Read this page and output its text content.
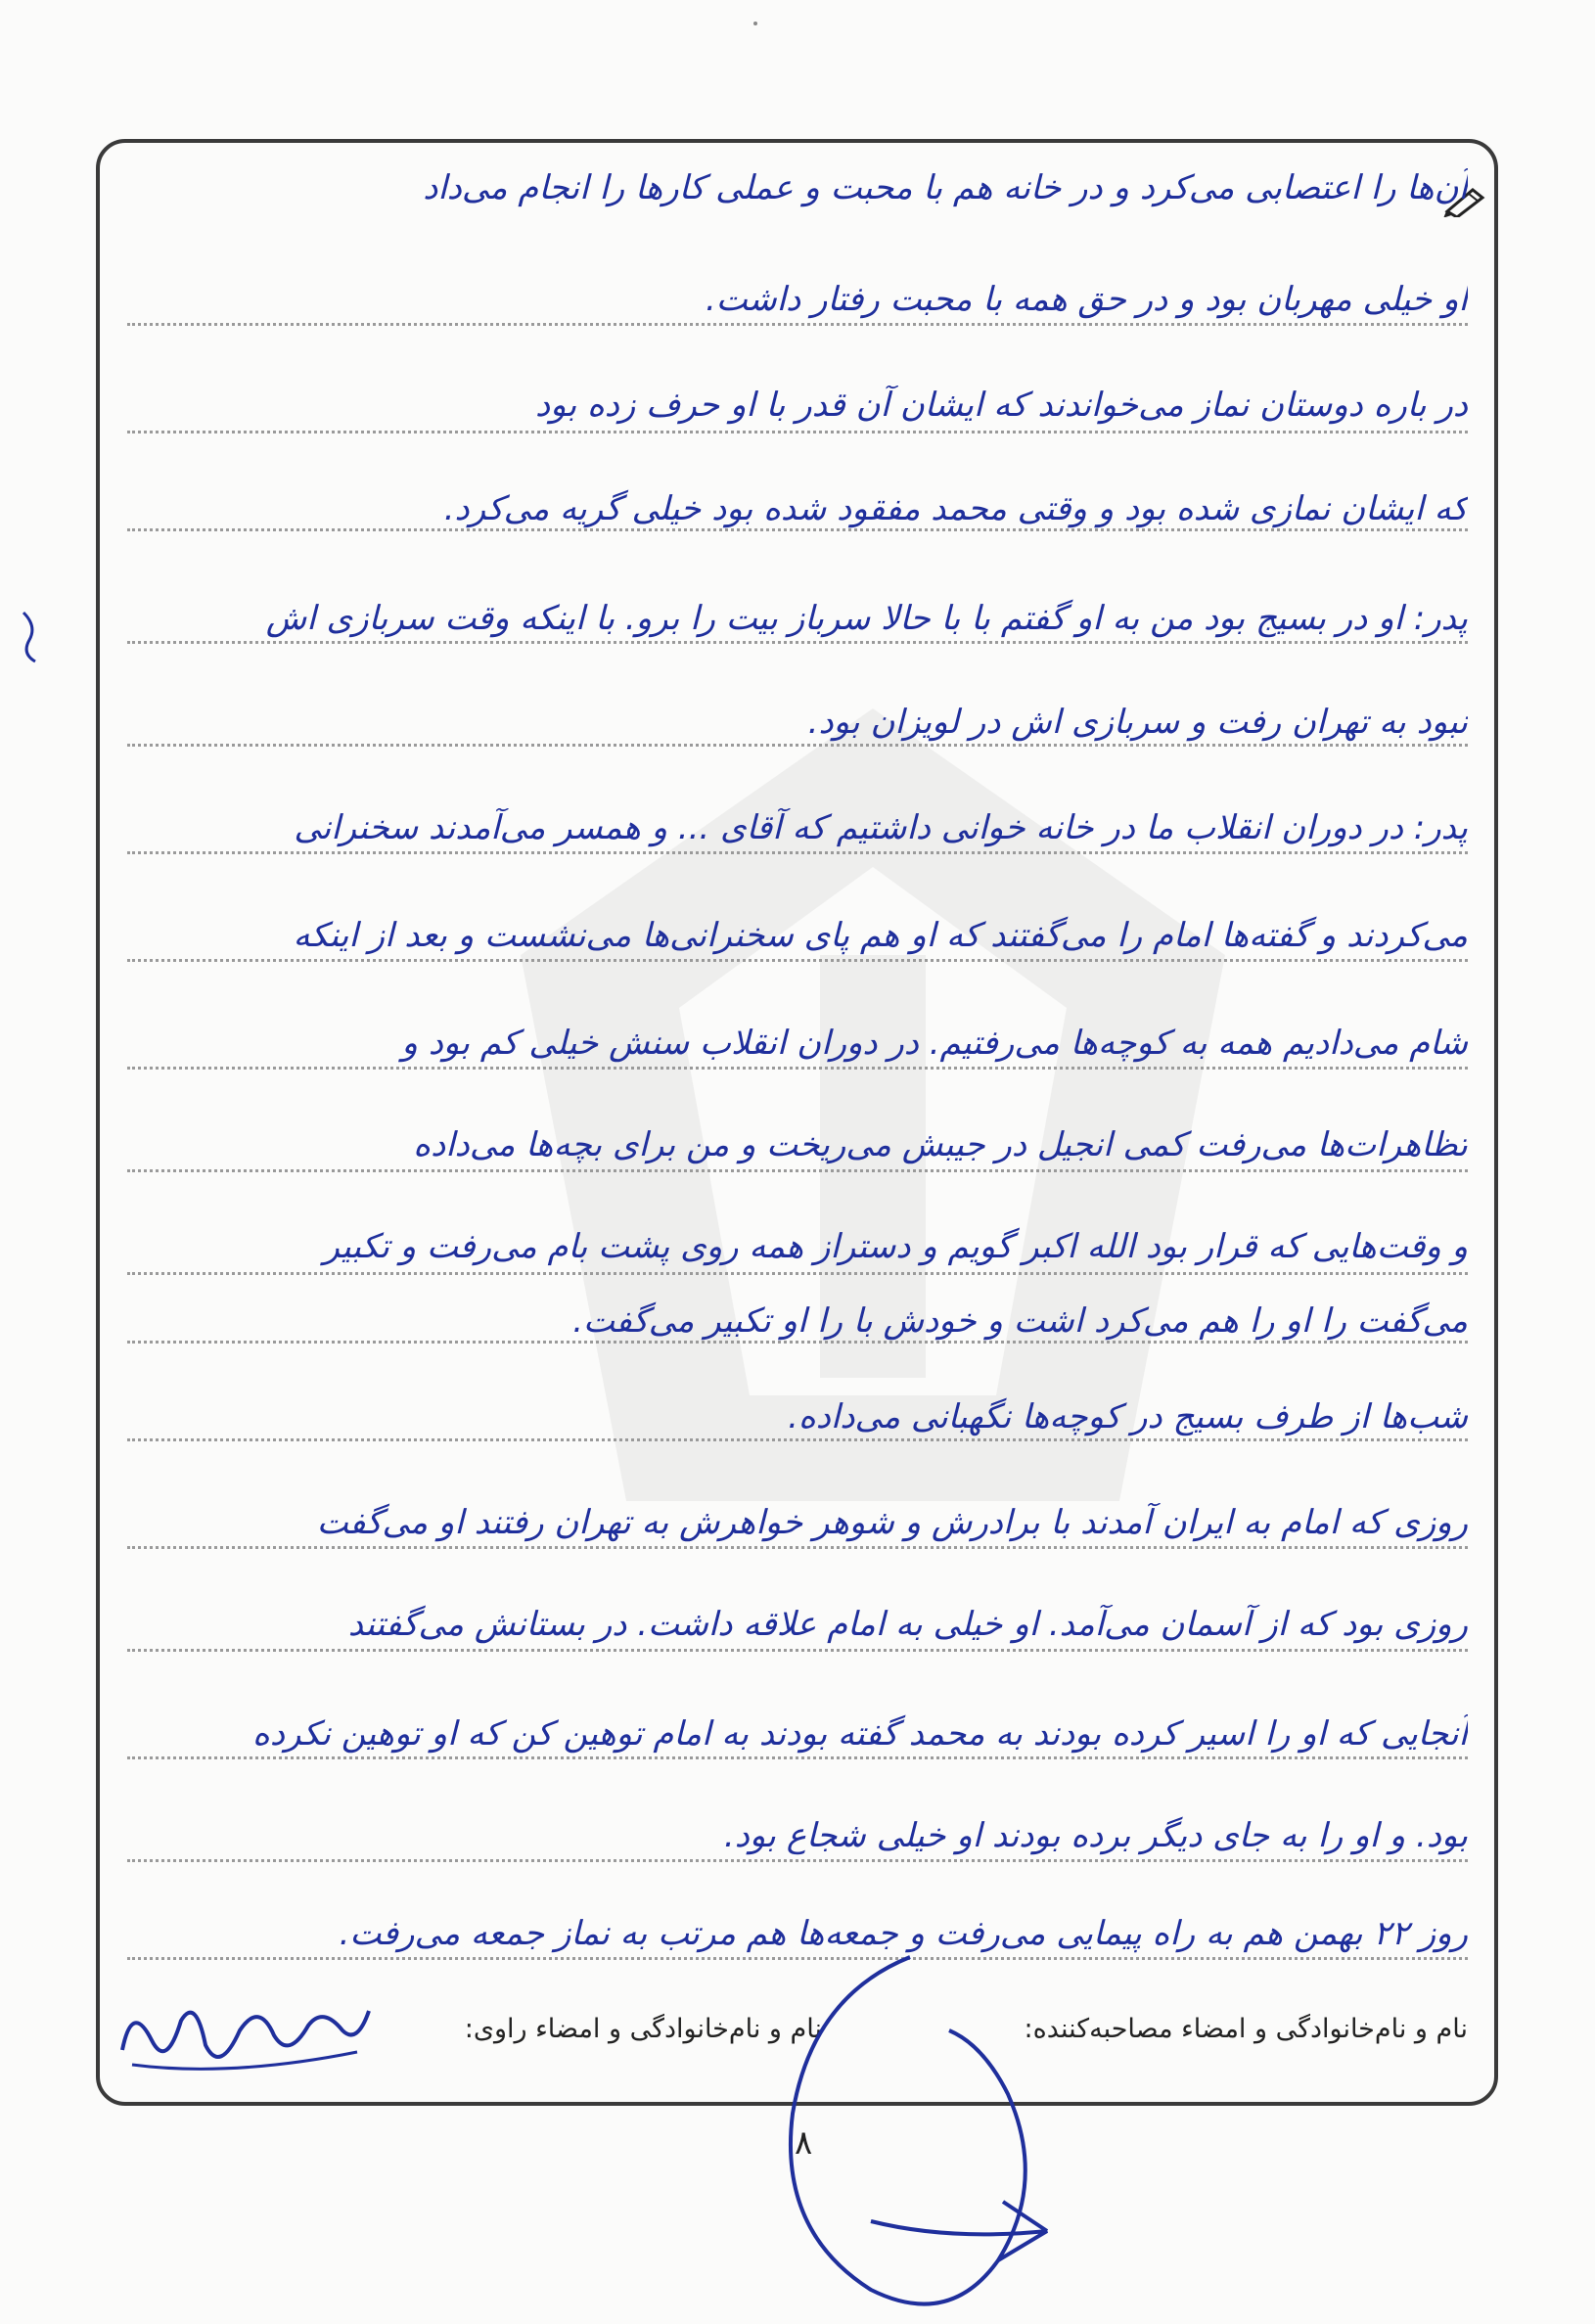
آن‌ها را اعتصابی می‌کرد و در خانه هم با محبت و عملی کارها را انجام می‌داد
او خیلی مهربان بود و در حق همه با محبت رفتار داشت.
در باره دوستان نماز می‌خواندند که ایشان آن قدر با او حرف زده بود
که ایشان نمازی شده بود و وقتی محمد مفقود شده بود خیلی گریه می‌کرد.
پدر: او در بسیج بود من به او گفتم با با حالا سرباز بیت را برو. با اینکه وقت سربازی اش
نبود به تهران رفت و سربازی اش در لویزان بود.
پدر: در دوران انقلاب ما در خانه خوانی داشتیم که آقای ... و همسر می‌آمدند سخنرانی
می‌کردند و گفته‌ها امام را می‌گفتند که او هم پای سخنرانی‌ها می‌نشست و بعد از اینکه
شام می‌دادیم همه به کوچه‌ها می‌رفتیم. در دوران انقلاب سنش خیلی کم بود و
تظاهرات‌ها می‌رفت کمی انجیل در جیبش می‌ریخت و من برای بچه‌ها می‌داده
و وقت‌هایی که قرار بود الله اکبر گویم و دستراز همه روی پشت بام می‌رفت و تکبیر
می‌گفت را او را هم می‌کرد اشت و خودش با را او تکبیر می‌گفت.
شب‌ها از طرف بسیج در کوچه‌ها نگهبانی می‌داده.
روزی که امام به ایران آمدند با برادرش و شوهر خواهرش به تهران رفتند او می‌گفت
روزی بود که از آسمان می‌آمد. او خیلی به امام علاقه داشت. در بستانش می‌گفتند
آنجایی که او را اسیر کرده بودند به محمد گفته بودند به امام توهین کن که او توهین نکرده
بود. و او را به جای دیگر برده بودند او خیلی شجاع بود.
روز ۲۲ بهمن هم به راه پیمایی می‌رفت و جمعه‌ها هم مرتب به نماز جمعه می‌رفت.
نام و نام‌خانوادگی و امضاء مصاحبه‌کننده:
نام و نام‌خانوادگی و امضاء راوی:
۸
